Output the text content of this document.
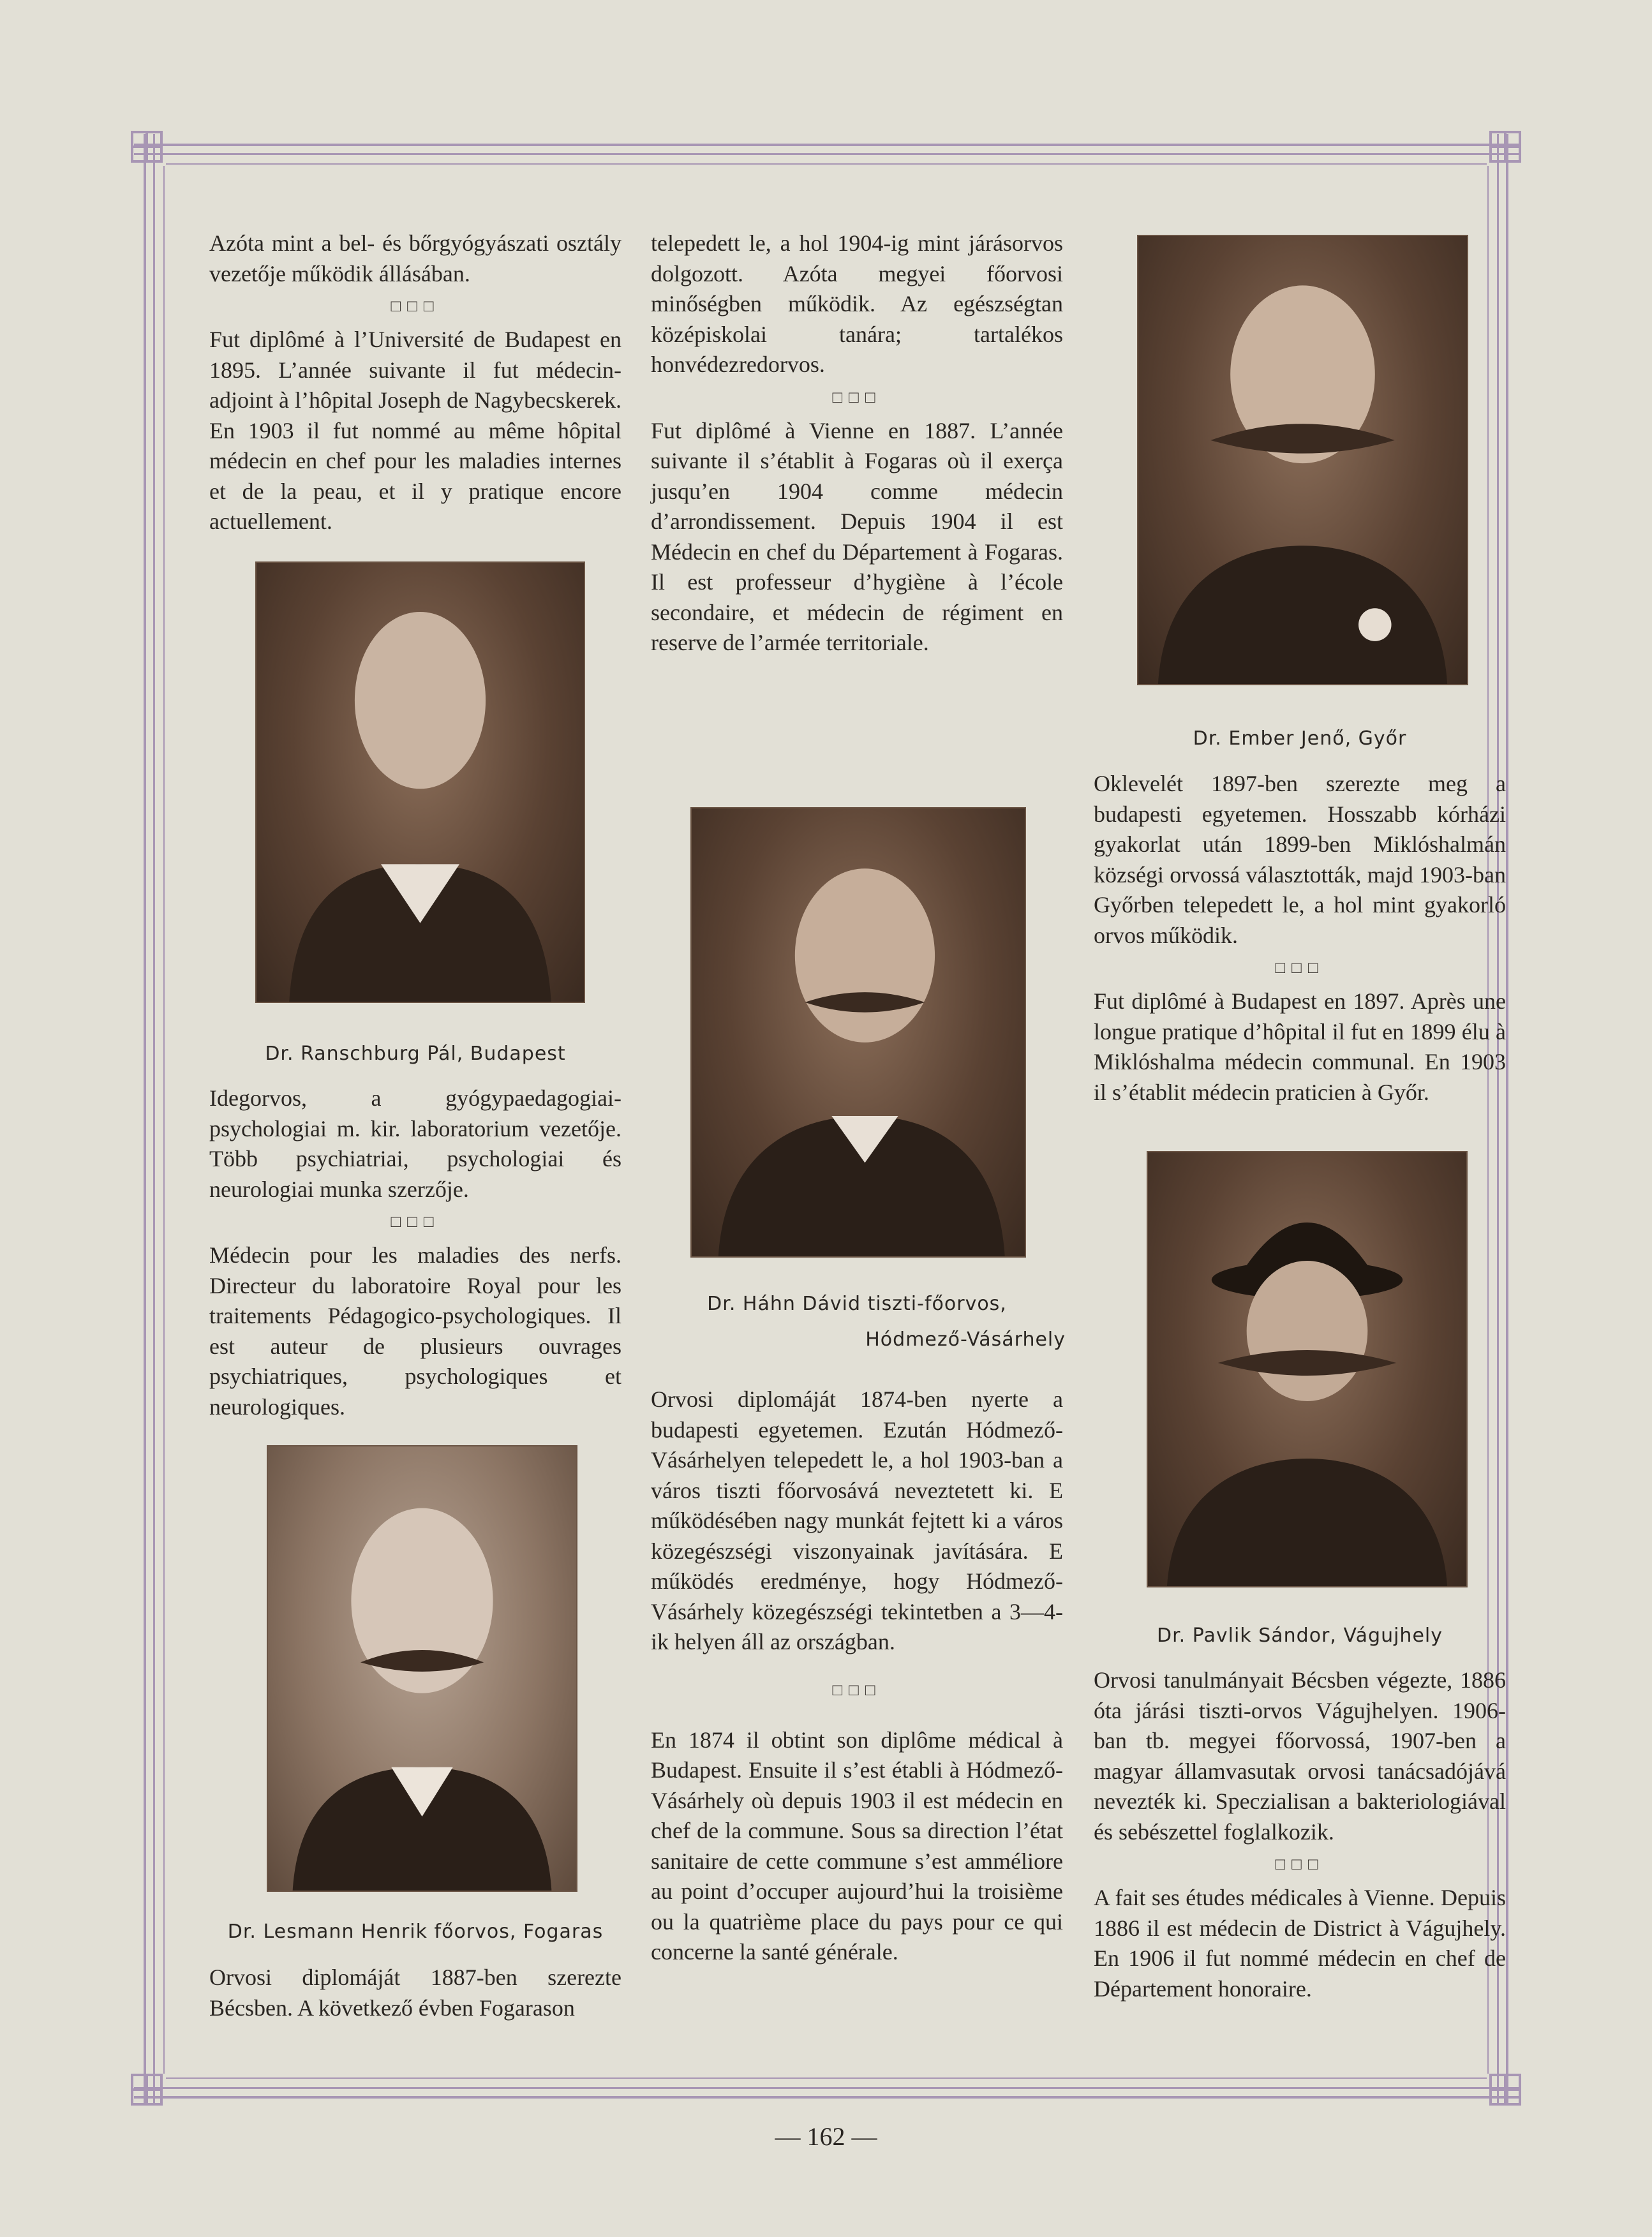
Azóta mint a bel- és bőrgyógyászati osztály vezetője működik állásában.

□□□

Fut diplômé à l’Université de Budapest en 1895. L’année suivante il fut médecin-adjoint à l’hôpital Joseph de Nagybecskerek. En 1903 il fut nommé au même hôpital médecin en chef pour les maladies internes et de la peau, et il y pratique encore actuellement.

Dr. Ranschburg Pál, Budapest

Idegorvos, a gyógypaedagogiai-psychologiai m. kir. laboratorium vezetője. Több psychiatriai, psychologiai és neurologiai munka szerzője.

□□□

Médecin pour les maladies des nerfs. Directeur du laboratoire Royal pour les traitements Pédagogico-psychologiques. Il est auteur de plusieurs ouvrages psychiatriques, psychologiques et neurologiques.

Dr. Lesmann Henrik főorvos, Fogaras

Orvosi diplomáját 1887-ben szerezte Bécsben. A következő évben Fogarason

telepedett le, a hol 1904-ig mint járásorvos dolgozott. Azóta megyei főorvosi minőségben működik. Az egészségtan középiskolai tanára; tartalékos honvédezredorvos.

□□□

Fut diplômé à Vienne en 1887. L’année suivante il s’établit à Fogaras où il exerça jusqu’en 1904 comme médecin d’arrondissement. Depuis 1904 il est Médecin en chef du Département à Fogaras. Il est professeur d’hygiène à l’école secondaire, et médecin de régiment en reserve de l’armée territoriale.

Dr. Háhn Dávid tiszti-főorvos,
Hódmező-Vásárhely

Orvosi diplomáját 1874-ben nyerte a budapesti egyetemen. Ezután Hódmező-Vásárhelyen telepedett le, a hol 1903-ban a város tiszti főorvosává neveztetett ki. E működésében nagy munkát fejtett ki a város közegészségi viszonyainak javítására. E működés eredménye, hogy Hódmező-Vásárhely közegészségi tekintetben a 3—4-ik helyen áll az országban.

□□□

En 1874 il obtint son diplôme médical à Budapest. Ensuite il s’est établi à Hódmező-Vásárhely où depuis 1903 il est médecin en chef de la commune. Sous sa direction l’état sanitaire de cette commune s’est amméliore au point d’occuper aujourd’hui la troisième ou la quatrième place du pays pour ce qui concerne la santé générale.

Dr. Ember Jenő, Győr

Oklevelét 1897-ben szerezte meg a budapesti egyetemen. Hosszabb kórházi gyakorlat után 1899-ben Miklóshalmán községi orvossá választották, majd 1903-ban Győrben telepedett le, a hol mint gyakorló orvos működik.

□□□

Fut diplômé à Budapest en 1897. Après une longue pratique d’hôpital il fut en 1899 élu à Miklóshalma médecin communal. En 1903 il s’établit médecin praticien à Győr.

Dr. Pavlik Sándor, Vágujhely

Orvosi tanulmányait Bécsben végezte, 1886 óta járási tiszti-orvos Vágujhelyen. 1906-ban tb. megyei főorvossá, 1907-ben a magyar államvasutak orvosi tanácsadójává nevezték ki. Speczialisan a bakteriologiával és sebészettel foglalkozik.

□□□

A fait ses études médicales à Vienne. Depuis 1886 il est médecin de District à Vágujhely. En 1906 il fut nommé médecin en chef de Département honoraire.

— 162 —
